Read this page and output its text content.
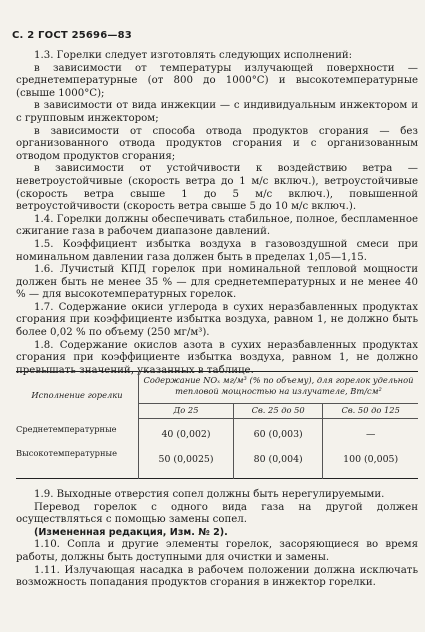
С. 2 ГОСТ 25696—83

1.3. Горелки следует изготовлять следующих исполнений:

в зависимости от температуры излучающей поверхности — среднетемпературные (от 800 до 1000°С) и высокотемпературные (свыше 1000°С);

в зависимости от вида инжекции — с индивидуальным инжектором и с групповым инжектором;

в зависимости от способа отвода продуктов сгорания — без организованного отвода продуктов сгорания и с организованным отводом продуктов сгорания;

в зависимости от устойчивости к воздействию ветра — неветроустойчивые (скорость ветра до 1 м/с включ.), ветроустойчивые (скорость ветра свыше 1 до 5 м/с включ.), повышенной ветроустойчивости (скорость ветра свыше 5 до 10 м/с включ.).

1.4. Горелки должны обеспечивать стабильное, полное, беспламенное сжигание газа в рабочем диапазоне давлений.

1.5. Коэффициент избытка воздуха в газовоздушной смеси при номинальном давлении газа должен быть в пределах 1,05—1,15.

1.6. Лучистый КПД горелок при номинальной тепловой мощности должен быть не менее 35 % — для среднетемпературных и не менее 40 % — для высокотемпературных горелок.

1.7. Содержание окиси углерода в сухих неразбавленных продуктах сгорания при коэффициенте избытка воздуха, равном 1, не должно быть более 0,02 % по объему (250 мг/м³).

1.8. Содержание окислов азота в сухих неразбавленных продуктах сгорания при коэффициенте избытка воздуха, равном 1, не должно превышать значений, указанных в таблице.

Исполнение горелки	Содержание NOₓ мг/м³ (% по объему), для горелок удельной тепловой мощностью на излучателе, Вт/см²		
	До 25	Св. 25 до 50	Св. 50 до 125
Среднетемпературные	40 (0,002)	60 (0,003)	—
Высокотемпературные	50 (0,0025)	80 (0,004)	100 (0,005)

1.9. Выходные отверстия сопел должны быть нерегулируемыми.

Перевод горелок с одного вида газа на другой должен осуществляться с помощью замены сопел.

(Измененная редакция, Изм. № 2).

1.10. Сопла и другие элементы горелок, засоряющиеся во время работы, должны быть доступными для очистки и замены.

1.11. Излучающая насадка в рабочем положении должна исключать возможность попадания продуктов сгорания в инжектор горелки.
